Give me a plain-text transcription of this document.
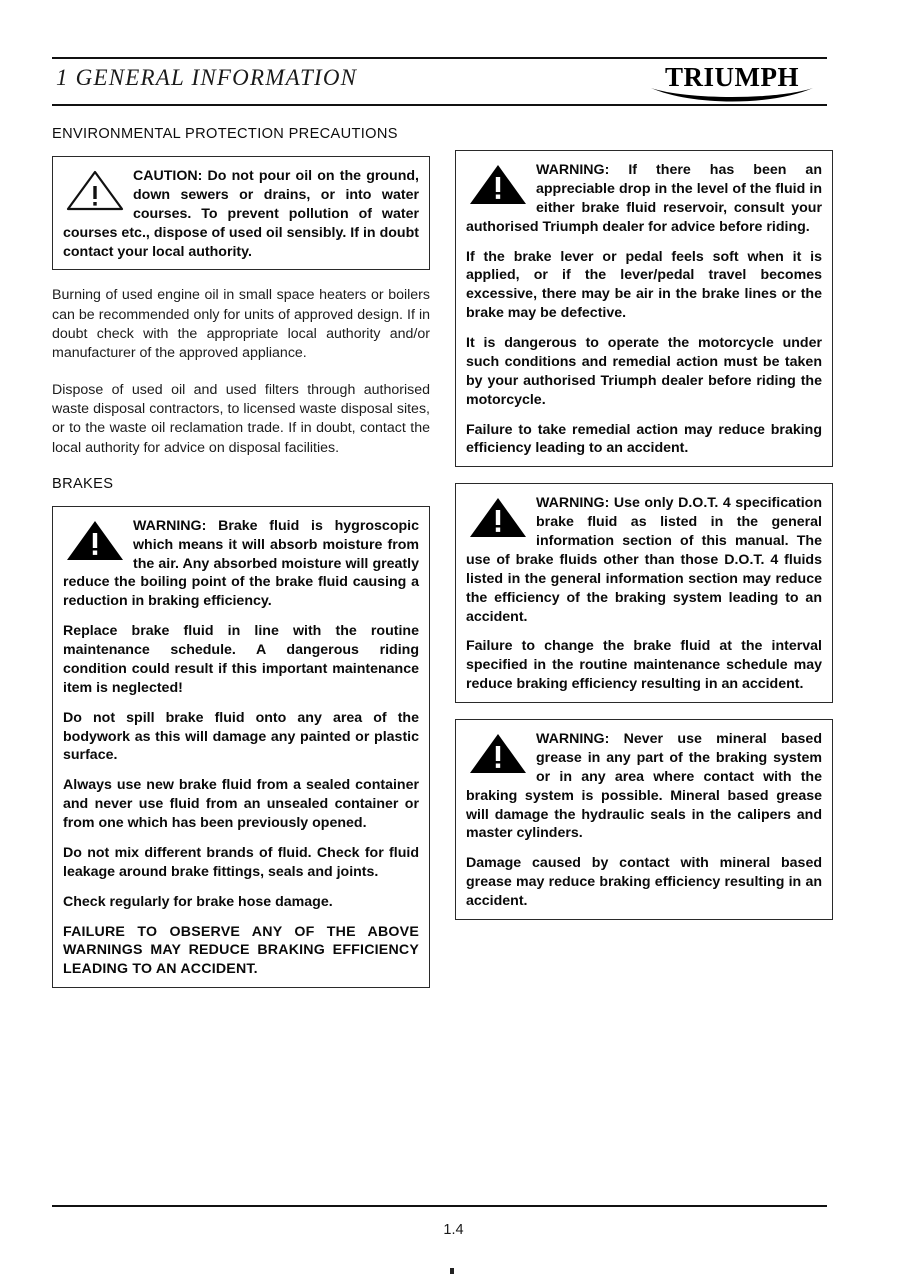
1 GENERAL INFORMATION	TRIUMPH
ENVIRONMENTAL PROTECTION PRECAUTIONS

CAUTION: Do not pour oil on the ground, down sewers or drains, or into water courses. To prevent pollution of water courses etc., dispose of used oil sensibly. If in doubt contact your local authority.

Burning of used engine oil in small space heaters or boilers can be recommended only for units of approved design. If in doubt check with the appropriate local authority and/or manufacturer of the approved appliance.

Dispose of used oil and used filters through authorised waste disposal contractors, to licensed waste disposal sites, or to the waste oil reclamation trade. If in doubt, contact the local authority for advice on disposal facilities.

BRAKES

WARNING: Brake fluid is hygroscopic which means it will absorb moisture from the air. Any absorbed moisture will greatly reduce the boiling point of the brake fluid causing a reduction in braking efficiency.

Replace brake fluid in line with the routine maintenance schedule. A dangerous riding condition could result if this important maintenance item is neglected!

Do not spill brake fluid onto any area of the bodywork as this will damage any painted or plastic surface.

Always use new brake fluid from a sealed container and never use fluid from an unsealed container or from one which has been previously opened.

Do not mix different brands of fluid. Check for fluid leakage around brake fittings, seals and joints.

Check regularly for brake hose damage.

FAILURE TO OBSERVE ANY OF THE ABOVE WARNINGS MAY REDUCE BRAKING EFFICIENCY LEADING TO AN ACCIDENT.

WARNING: If there has been an appreciable drop in the level of the fluid in either brake fluid reservoir, consult your authorised Triumph dealer for advice before riding.

If the brake lever or pedal feels soft when it is applied, or if the lever/pedal travel becomes excessive, there may be air in the brake lines or the brake may be defective.

It is dangerous to operate the motorcycle under such conditions and remedial action must be taken by your authorised Triumph dealer before riding the motorcycle.

Failure to take remedial action may reduce braking efficiency leading to an accident.

WARNING: Use only D.O.T. 4 specification brake fluid as listed in the general information section of this manual. The use of brake fluids other than those D.O.T. 4 fluids listed in the general information section may reduce the efficiency of the braking system leading to an accident.

Failure to change the brake fluid at the interval specified in the routine maintenance schedule may reduce braking efficiency resulting in an accident.

WARNING: Never use mineral based grease in any part of the braking system or in any area where contact with the braking system is possible. Mineral based grease will damage the hydraulic seals in the calipers and master cylinders.

Damage caused by contact with mineral based grease may reduce braking efficiency resulting in an accident.

1.4
